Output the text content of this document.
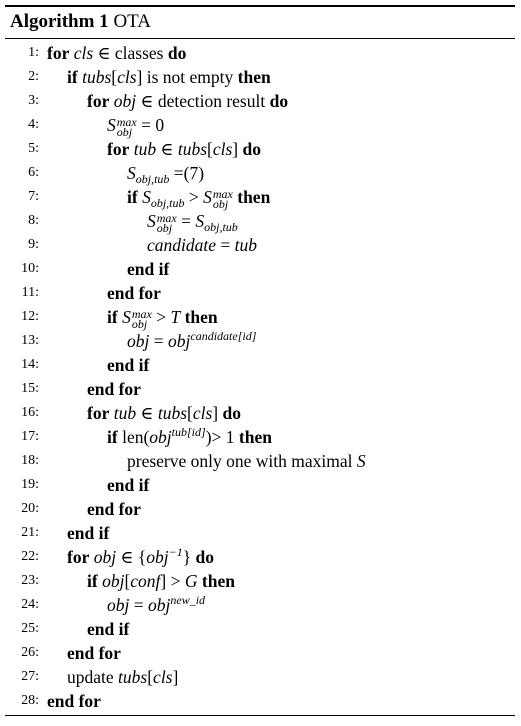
Algorithm 1 OTA
1: for cls ∈ classes do
2: if tubs[cls] is not empty then
3:	for obj ∈ detection result do
4:	S max
obj = 0
5:	for tub ∈ tubs[cls] do
6:	$S_{obj,tub} =(7)$
7:	if $S_{obj,tub} > S$ max
obj then
8:	S max
obj = $S_{obj,tub}$
9:	candidate = tub
10:	end if
11:	end for
12:	if S max
obj > T then
13:	obj = obj$^{candidate[id]}$
14:	end if
15:	end for
16:	for tub ∈ tubs[cls] do
17:	if len(obj$^{tub[id]}$)> 1 then
18:	preserve only one with maximal S
19:	end if
20:	end for
21: end if
22: for obj ∈ {obj$^{-1}$} do
23:	if obj[conf] > G then
24:	obj = obj$^{new\_id}$
25:	end if
26: end for
27: update tubs[cls]
28: end for
